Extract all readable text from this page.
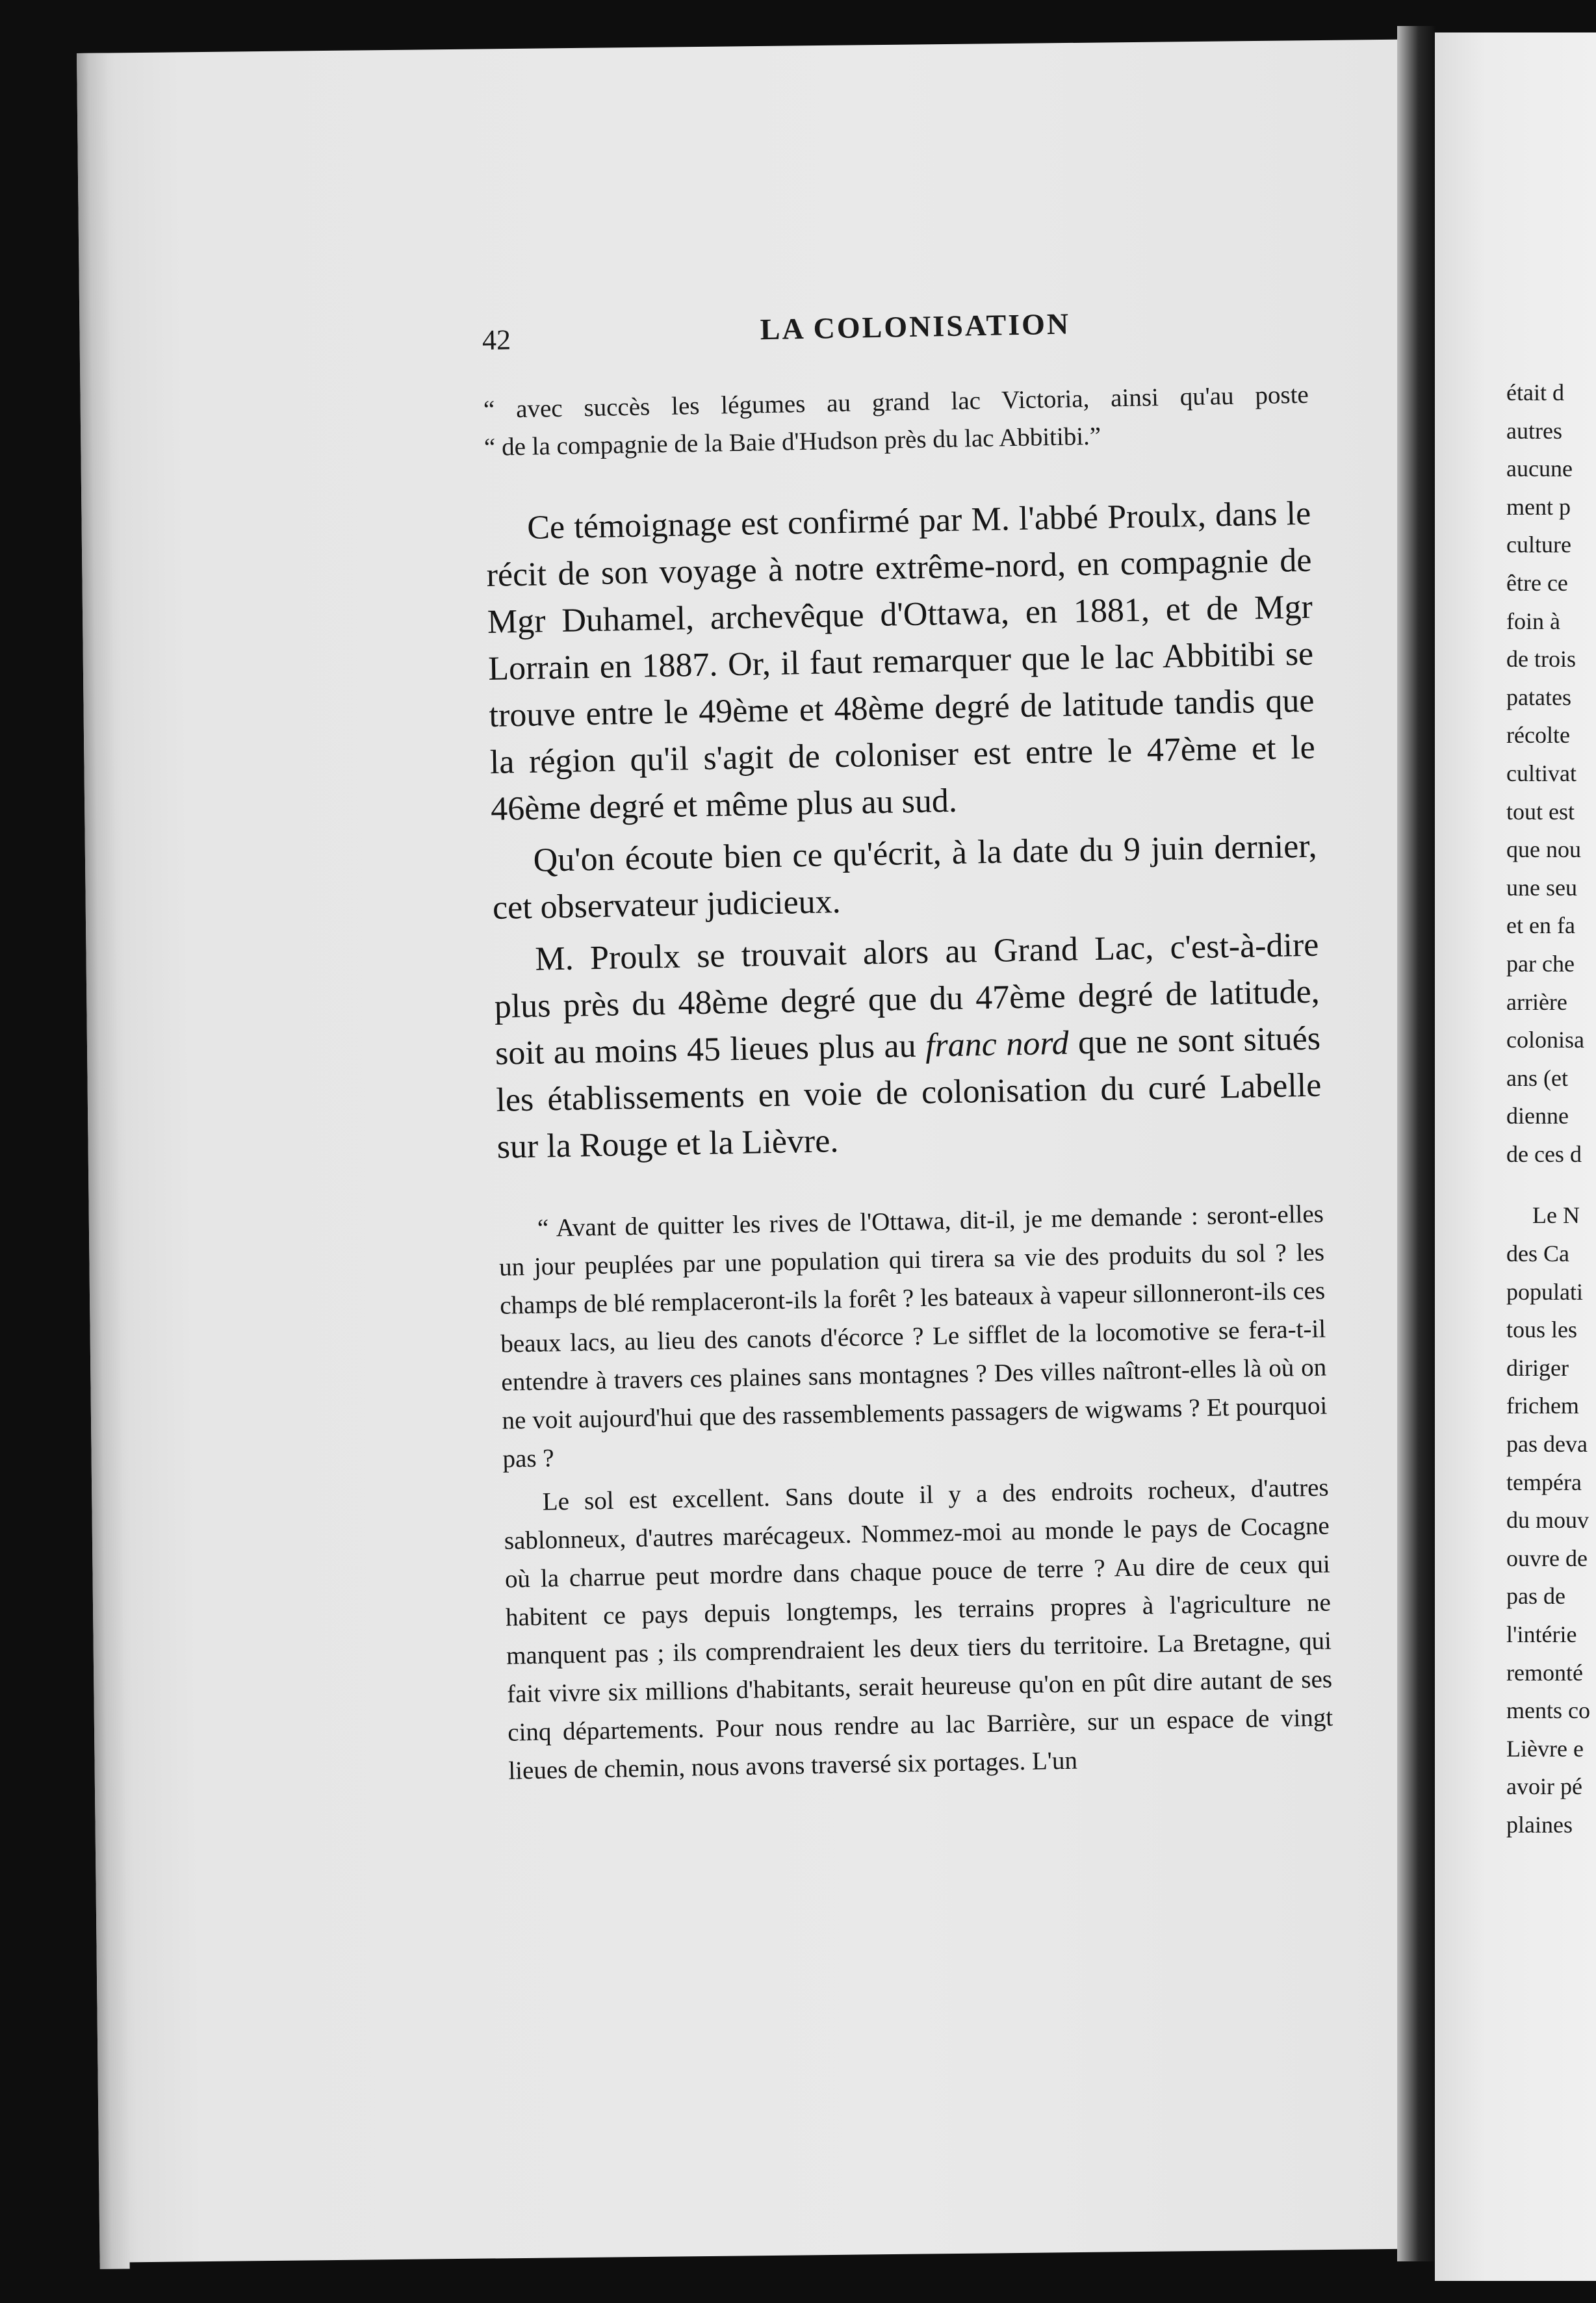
42	LA COLONISATION

“ avec succès les légumes au grand lac Victoria, ainsi qu'au poste

“ de la compagnie de la Baie d'Hudson près du lac Abbitibi.”

Ce témoignage est confirmé par M. l'abbé Proulx, dans le récit de son voyage à notre extrême-nord, en compagnie de Mgr Duhamel, archevêque d'Ottawa, en 1881, et de Mgr Lorrain en 1887. Or, il faut remarquer que le lac Abbitibi se trouve entre le 49ème et 48ème degré de latitude tandis que la région qu'il s'agit de coloniser est entre le 47ème et le 46ème degré et même plus au sud.

Qu'on écoute bien ce qu'écrit, à la date du 9 juin dernier, cet observateur judicieux.

M. Proulx se trouvait alors au Grand Lac, c'est-à-dire plus près du 48ème degré que du 47ème degré de latitude, soit au moins 45 lieues plus au franc nord que ne sont situés les établissements en voie de colonisation du curé Labelle sur la Rouge et la Lièvre.

“ Avant de quitter les rives de l'Ottawa, dit-il, je me demande : seront-elles un jour peuplées par une population qui tirera sa vie des produits du sol ? les champs de blé remplaceront-ils la forêt ? les bateaux à vapeur sillonneront-ils ces beaux lacs, au lieu des canots d'écorce ? Le sifflet de la locomotive se fera-t-il entendre à travers ces plaines sans montagnes ? Des villes naîtront-elles là où on ne voit aujourd'hui que des rassemblements passagers de wigwams ? Et pourquoi pas ?

Le sol est excellent. Sans doute il y a des endroits rocheux, d'autres sablonneux, d'autres marécageux. Nommez-moi au monde le pays de Cocagne où la charrue peut mordre dans chaque pouce de terre ? Au dire de ceux qui habitent ce pays depuis longtemps, les terrains propres à l'agriculture ne manquent pas ; ils comprendraient les deux tiers du territoire. La Bretagne, qui fait vivre six millions d'habitants, serait heureuse qu'on en pût dire autant de ses cinq départements. Pour nous rendre au lac Barrière, sur un espace de vingt lieues de chemin, nous avons traversé six portages. L'un

était d
autres
aucune
ment p
culture
être ce
foin à
de trois
patates
récolte
cultivat
tout est
que nou
une seu
et en fa
par che
arrière
colonisa
ans (et
dienne
de ces d
Le N
des Ca
populati
tous les
diriger
frichem
pas deva
tempéra
du mouv
ouvre de
pas de
l'intérie
remonté
ments co
Lièvre e
avoir pé
plaines
